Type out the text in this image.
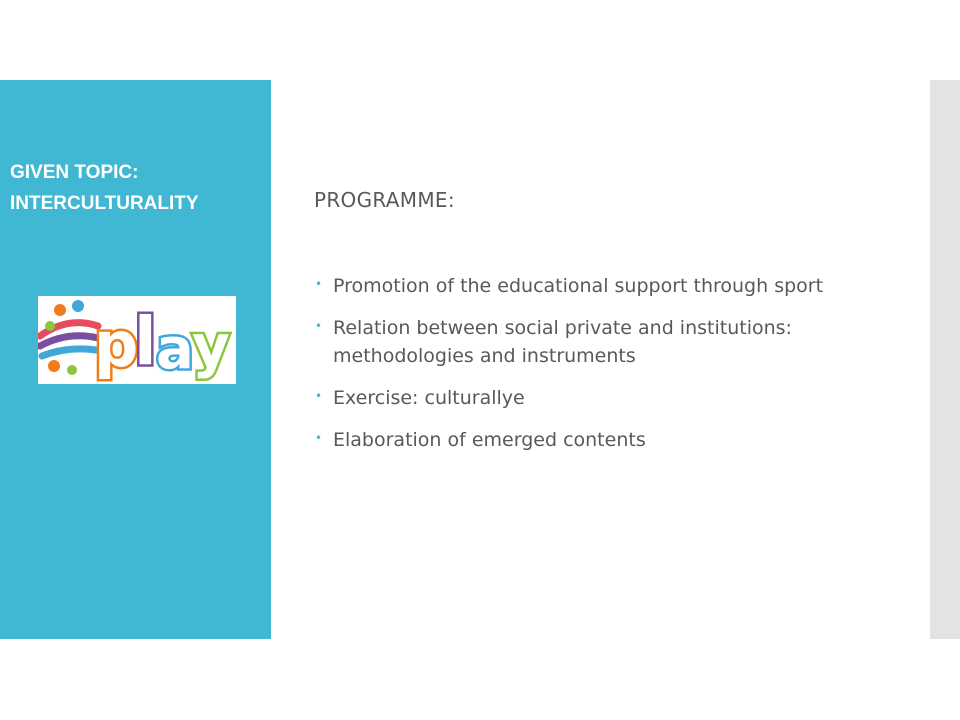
GIVEN TOPIC:
INTERCULTURALITY
p
l a
y

PROGRAMME:

• Promotion of the educational support through sport
• Relation between social private and institutions: methodologies and instruments
• Exercise: culturallye
• Elaboration of emerged contents
